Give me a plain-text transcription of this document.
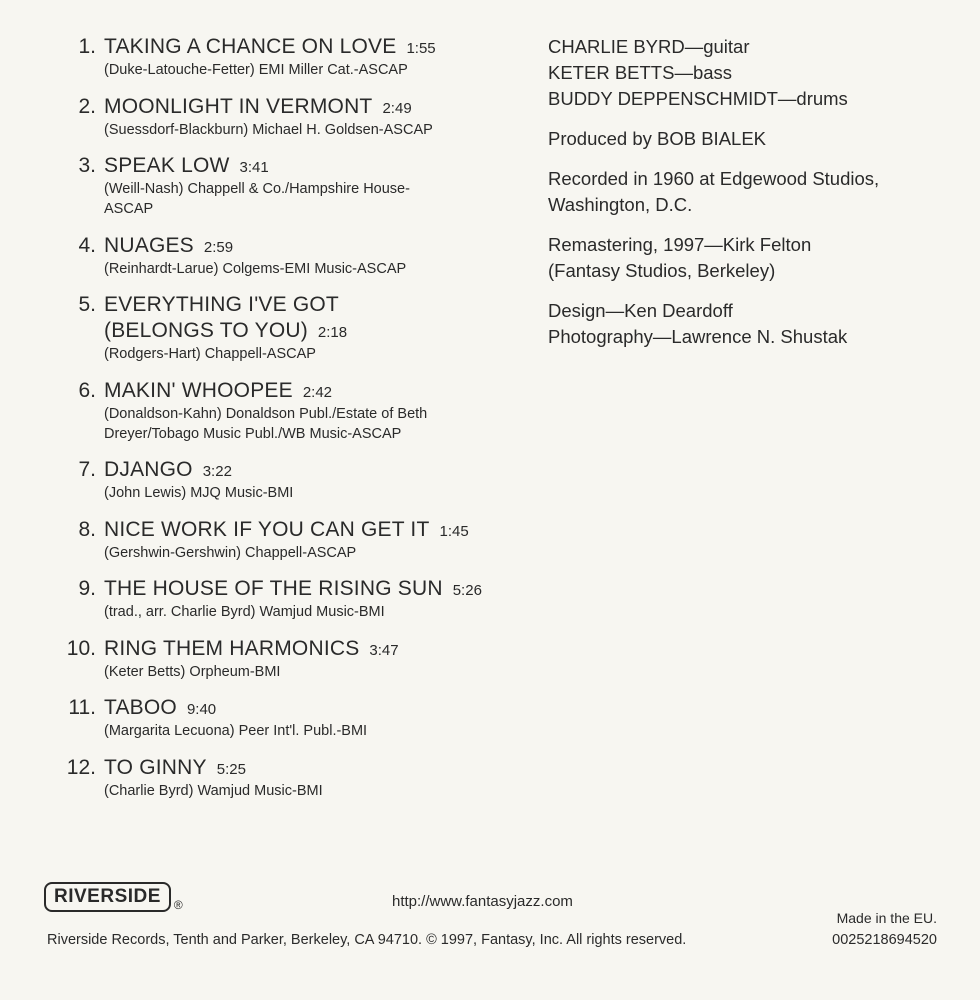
1. TAKING A CHANCE ON LOVE 1:55
(Duke-Latouche-Fetter) EMI Miller Cat.-ASCAP
2. MOONLIGHT IN VERMONT 2:49
(Suessdorf-Blackburn) Michael H. Goldsen-ASCAP
3. SPEAK LOW 3:41
(Weill-Nash) Chappell & Co./Hampshire House-ASCAP
4. NUAGES 2:59
(Reinhardt-Larue) Colgems-EMI Music-ASCAP
5. EVERYTHING I'VE GOT (BELONGS TO YOU) 2:18
(Rodgers-Hart) Chappell-ASCAP
6. MAKIN' WHOOPEE 2:42
(Donaldson-Kahn) Donaldson Publ./Estate of Beth Dreyer/Tobago Music Publ./WB Music-ASCAP
7. DJANGO 3:22
(John Lewis) MJQ Music-BMI
8. NICE WORK IF YOU CAN GET IT 1:45
(Gershwin-Gershwin) Chappell-ASCAP
9. THE HOUSE OF THE RISING SUN 5:26
(trad., arr. Charlie Byrd) Wamjud Music-BMI
10. RING THEM HARMONICS 3:47
(Keter Betts) Orpheum-BMI
11. TABOO 9:40
(Margarita Lecuona) Peer Int'l. Publ.-BMI
12. TO GINNY 5:25
(Charlie Byrd) Wamjud Music-BMI

CHARLIE BYRD—guitar

KETER BETTS—bass

BUDDY DEPPENSCHMIDT—drums

Produced by BOB BIALEK

Recorded in 1960 at Edgewood Studios,

Washington, D.C.

Remastering, 1997—Kirk Felton

(Fantasy Studios, Berkeley)

Design—Ken Deardoff

Photography—Lawrence N. Shustak

RIVERSIDE	®	http://www.fantasyjazz.com
Made in the EU.
Riverside Records, Tenth and Parker, Berkeley, CA 94710. © 1997, Fantasy, Inc. All rights reserved.	0025218694520
